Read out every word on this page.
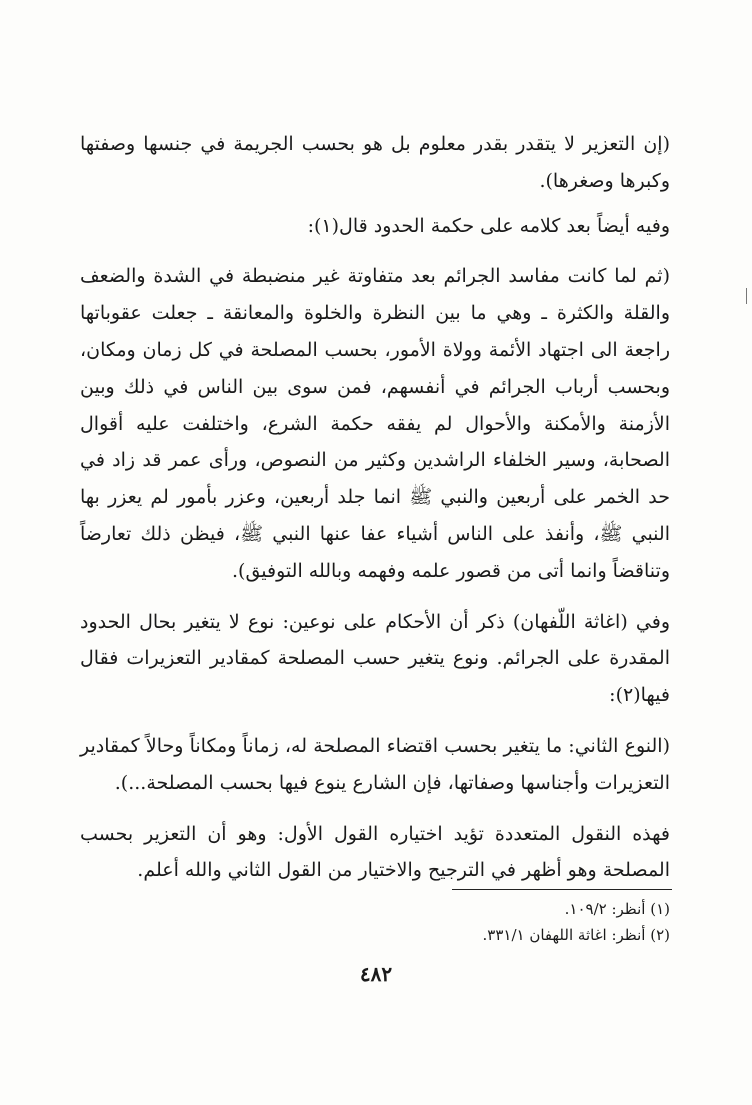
(إن التعزير لا يتقدر بقدر معلوم بل هو بحسب الجريمة في جنسها وصفتها وكبرها وصغرها).

وفيه أيضاً بعد كلامه على حكمة الحدود قال(١):

(ثم لما كانت مفاسد الجرائم بعد متفاوتة غير منضبطة في الشدة والضعف والقلة والكثرة ـ وهي ما بين النظرة والخلوة والمعانقة ـ جعلت عقوباتها راجعة الى اجتهاد الأئمة وولاة الأمور، بحسب المصلحة في كل زمان ومكان، وبحسب أرباب الجرائم في أنفسهم، فمن سوى بين الناس في ذلك وبين الأزمنة والأمكنة والأحوال لم يفقه حكمة الشرع، واختلفت عليه أقوال الصحابة، وسير الخلفاء الراشدين وكثير من النصوص، ورأى عمر قد زاد في حد الخمر على أربعين والنبي ﷺ انما جلد أربعين، وعزر بأمور لم يعزر بها النبي ﷺ، وأنفذ على الناس أشياء عفا عنها النبي ﷺ، فيظن ذلك تعارضاً وتناقضاً وانما أتى من قصور علمه وفهمه وبالله التوفيق).

وفي (اغاثة اللّفهان) ذكر أن الأحكام على نوعين: نوع لا يتغير بحال الحدود المقدرة على الجرائم. ونوع يتغير حسب المصلحة كمقادير التعزيرات فقال فيها(٢):

(النوع الثاني: ما يتغير بحسب اقتضاء المصلحة له، زماناً ومكاناً وحالاً كمقادير التعزيرات وأجناسها وصفاتها، فإن الشارع ينوع فيها بحسب المصلحة...).

فهذه النقول المتعددة تؤيد اختياره القول الأول: وهو أن التعزير بحسب المصلحة وهو أظهر في الترجيح والاختيار من القول الثاني والله أعلم.

(١) أنظر: ١٠٩/٢.
(٢) أنظر: اغاثة اللهفان ٣٣١/١.
٤٨٢
